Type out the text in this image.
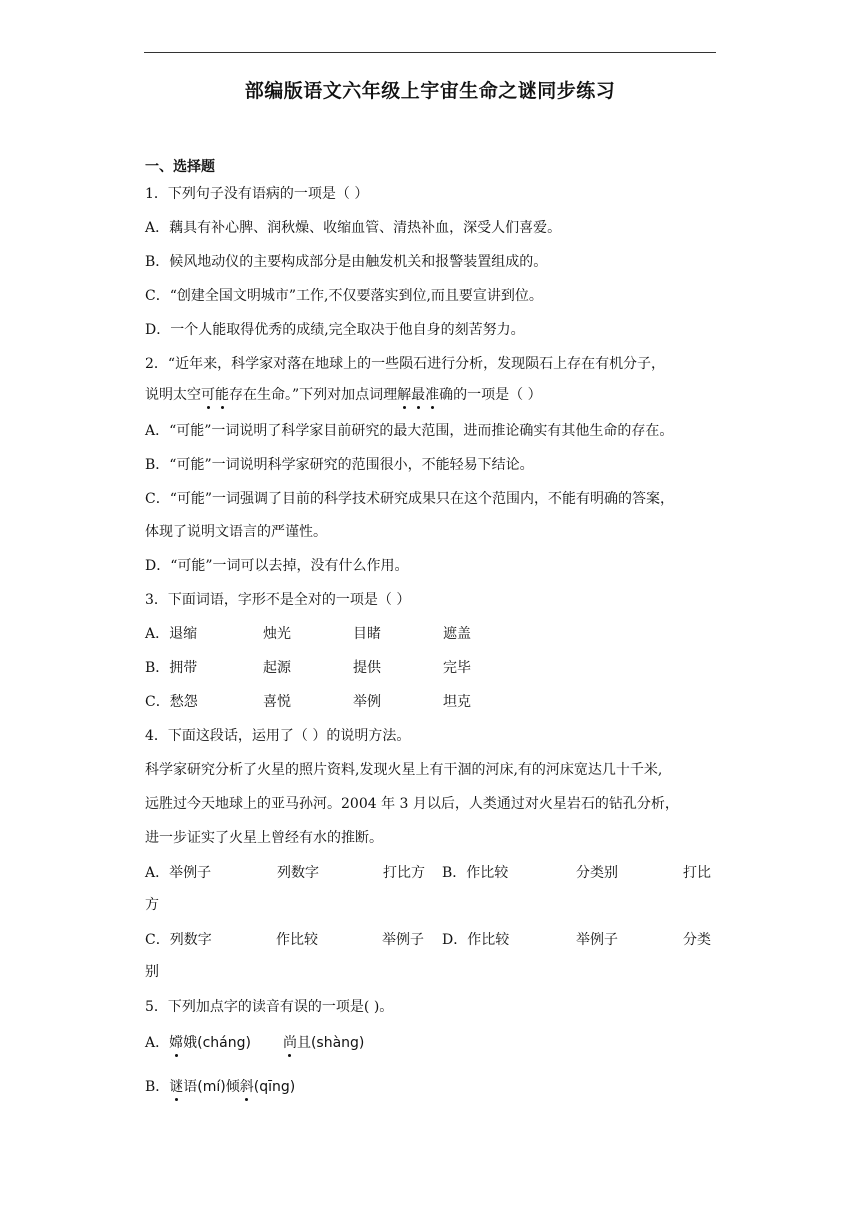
部编版语文六年级上宇宙生命之谜同步练习
一、选择题
1．下列句子没有语病的一项是（ ）
A．藕具有补心脾、润秋燥、收缩血管、清热补血，深受人们喜爱。
B．候风地动仪的主要构成部分是由触发机关和报警装置组成的。
C．“创建全国文明城市”工作,不仅要落实到位,而且要宣讲到位。
D．一个人能取得优秀的成绩,完全取决于他自身的刻苦努力。
2．“近年来，科学家对落在地球上的一些陨石进行分析，发现陨石上存在有机分子，
说明太空可能存在生命。”下列对加点词理解最准确的一项是（ ）
A．“可能”一词说明了科学家目前研究的最大范围，进而推论确实有其他生命的存在。
B．“可能”一词说明科学家研究的范围很小，不能轻易下结论。
C．“可能”一词强调了目前的科学技术研究成果只在这个范围内，不能有明确的答案，
体现了说明文语言的严谨性。
D．“可能”一词可以去掉，没有什么作用。
3．下面词语，字形不是全对的一项是（ ）
A．退缩	烛光	目睹	遮盖
B．拥带	起源	提供	完毕
C．愁怨	喜悦	举例	坦克
4．下面这段话，运用了（ ）的说明方法。
科学家研究分析了火星的照片资料,发现火星上有干涸的河床,有的河床宽达几十千米,
远胜过今天地球上的亚马孙河。2004 年 3 月以后，人类通过对火星岩石的钻孔分析，
进一步证实了火星上曾经有水的推断。
A．举例子	列数字	打比方 B．作比较	分类别	打比
方
C．列数字	作比较	举例子 D．作比较	举例子	分类
别
5．下列加点字的读音有误的一项是( )。
A．嫦娥(cháng) 尚且(shàng)
B．谜语(mí)倾斜(qīng)
